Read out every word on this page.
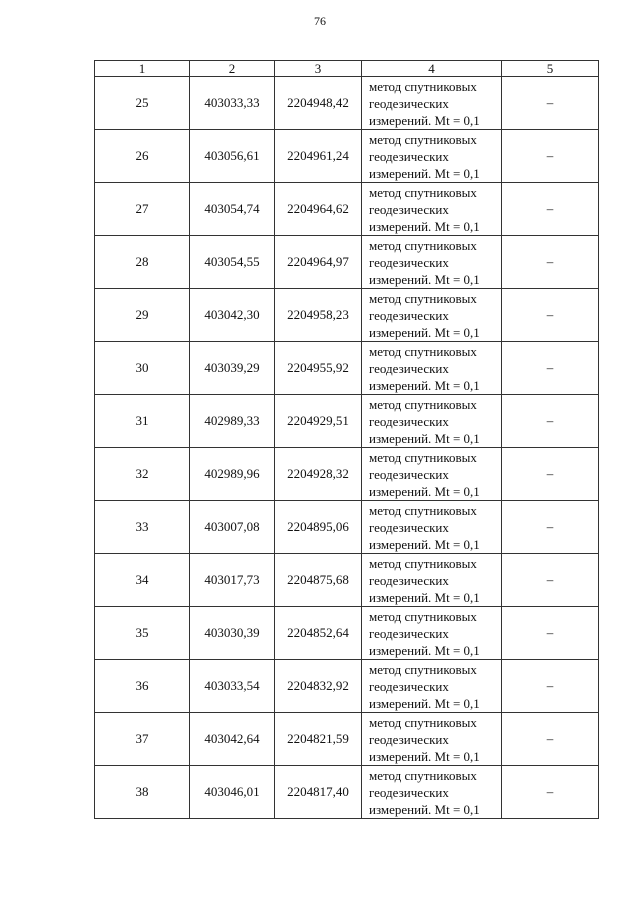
76
1	2	3	4	5
25	403033,33	2204948,42	метод спутниковых
геодезических
измерений. Mt = 0,1	–
26	403056,61	2204961,24	метод спутниковых
геодезических
измерений. Mt = 0,1	–
27	403054,74	2204964,62	метод спутниковых
геодезических
измерений. Mt = 0,1	–
28	403054,55	2204964,97	метод спутниковых
геодезических
измерений. Mt = 0,1	–
29	403042,30	2204958,23	метод спутниковых
геодезических
измерений. Mt = 0,1	–
30	403039,29	2204955,92	метод спутниковых
геодезических
измерений. Mt = 0,1	–
31	402989,33	2204929,51	метод спутниковых
геодезических
измерений. Mt = 0,1	–
32	402989,96	2204928,32	метод спутниковых
геодезических
измерений. Mt = 0,1	–
33	403007,08	2204895,06	метод спутниковых
геодезических
измерений. Mt = 0,1	–
34	403017,73	2204875,68	метод спутниковых
геодезических
измерений. Mt = 0,1	–
35	403030,39	2204852,64	метод спутниковых
геодезических
измерений. Mt = 0,1	–
36	403033,54	2204832,92	метод спутниковых
геодезических
измерений. Mt = 0,1	–
37	403042,64	2204821,59	метод спутниковых
геодезических
измерений. Mt = 0,1	–
38	403046,01	2204817,40	метод спутниковых
геодезических
измерений. Mt = 0,1	–
